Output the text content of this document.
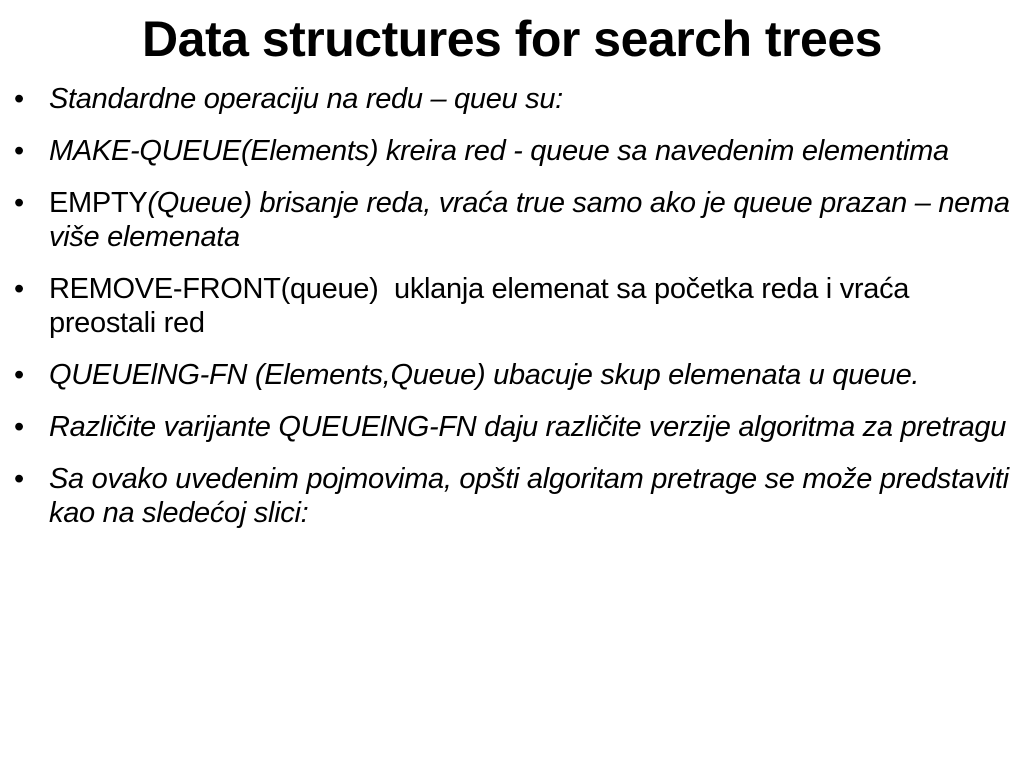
Data structures for search trees
• Standardne operaciju na redu – queu su:
• MAKE-QUEUE(Elements) kreira red - queue sa navedenim elementima
• EMPTY(Queue) brisanje reda, vraća true samo ako je queue prazan – nema više elemenata
• REMOVE-FRONT(queue)  uklanja elemenat sa početka reda i vraća preostali red
• QUEUElNG-FN (Elements,Queue) ubacuje skup elemenata u queue.
• Različite varijante QUEUElNG-FN daju različite verzije algoritma za pretragu
• Sa ovako uvedenim pojmovima, opšti algoritam pretrage se može predstaviti kao na sledećoj slici:
